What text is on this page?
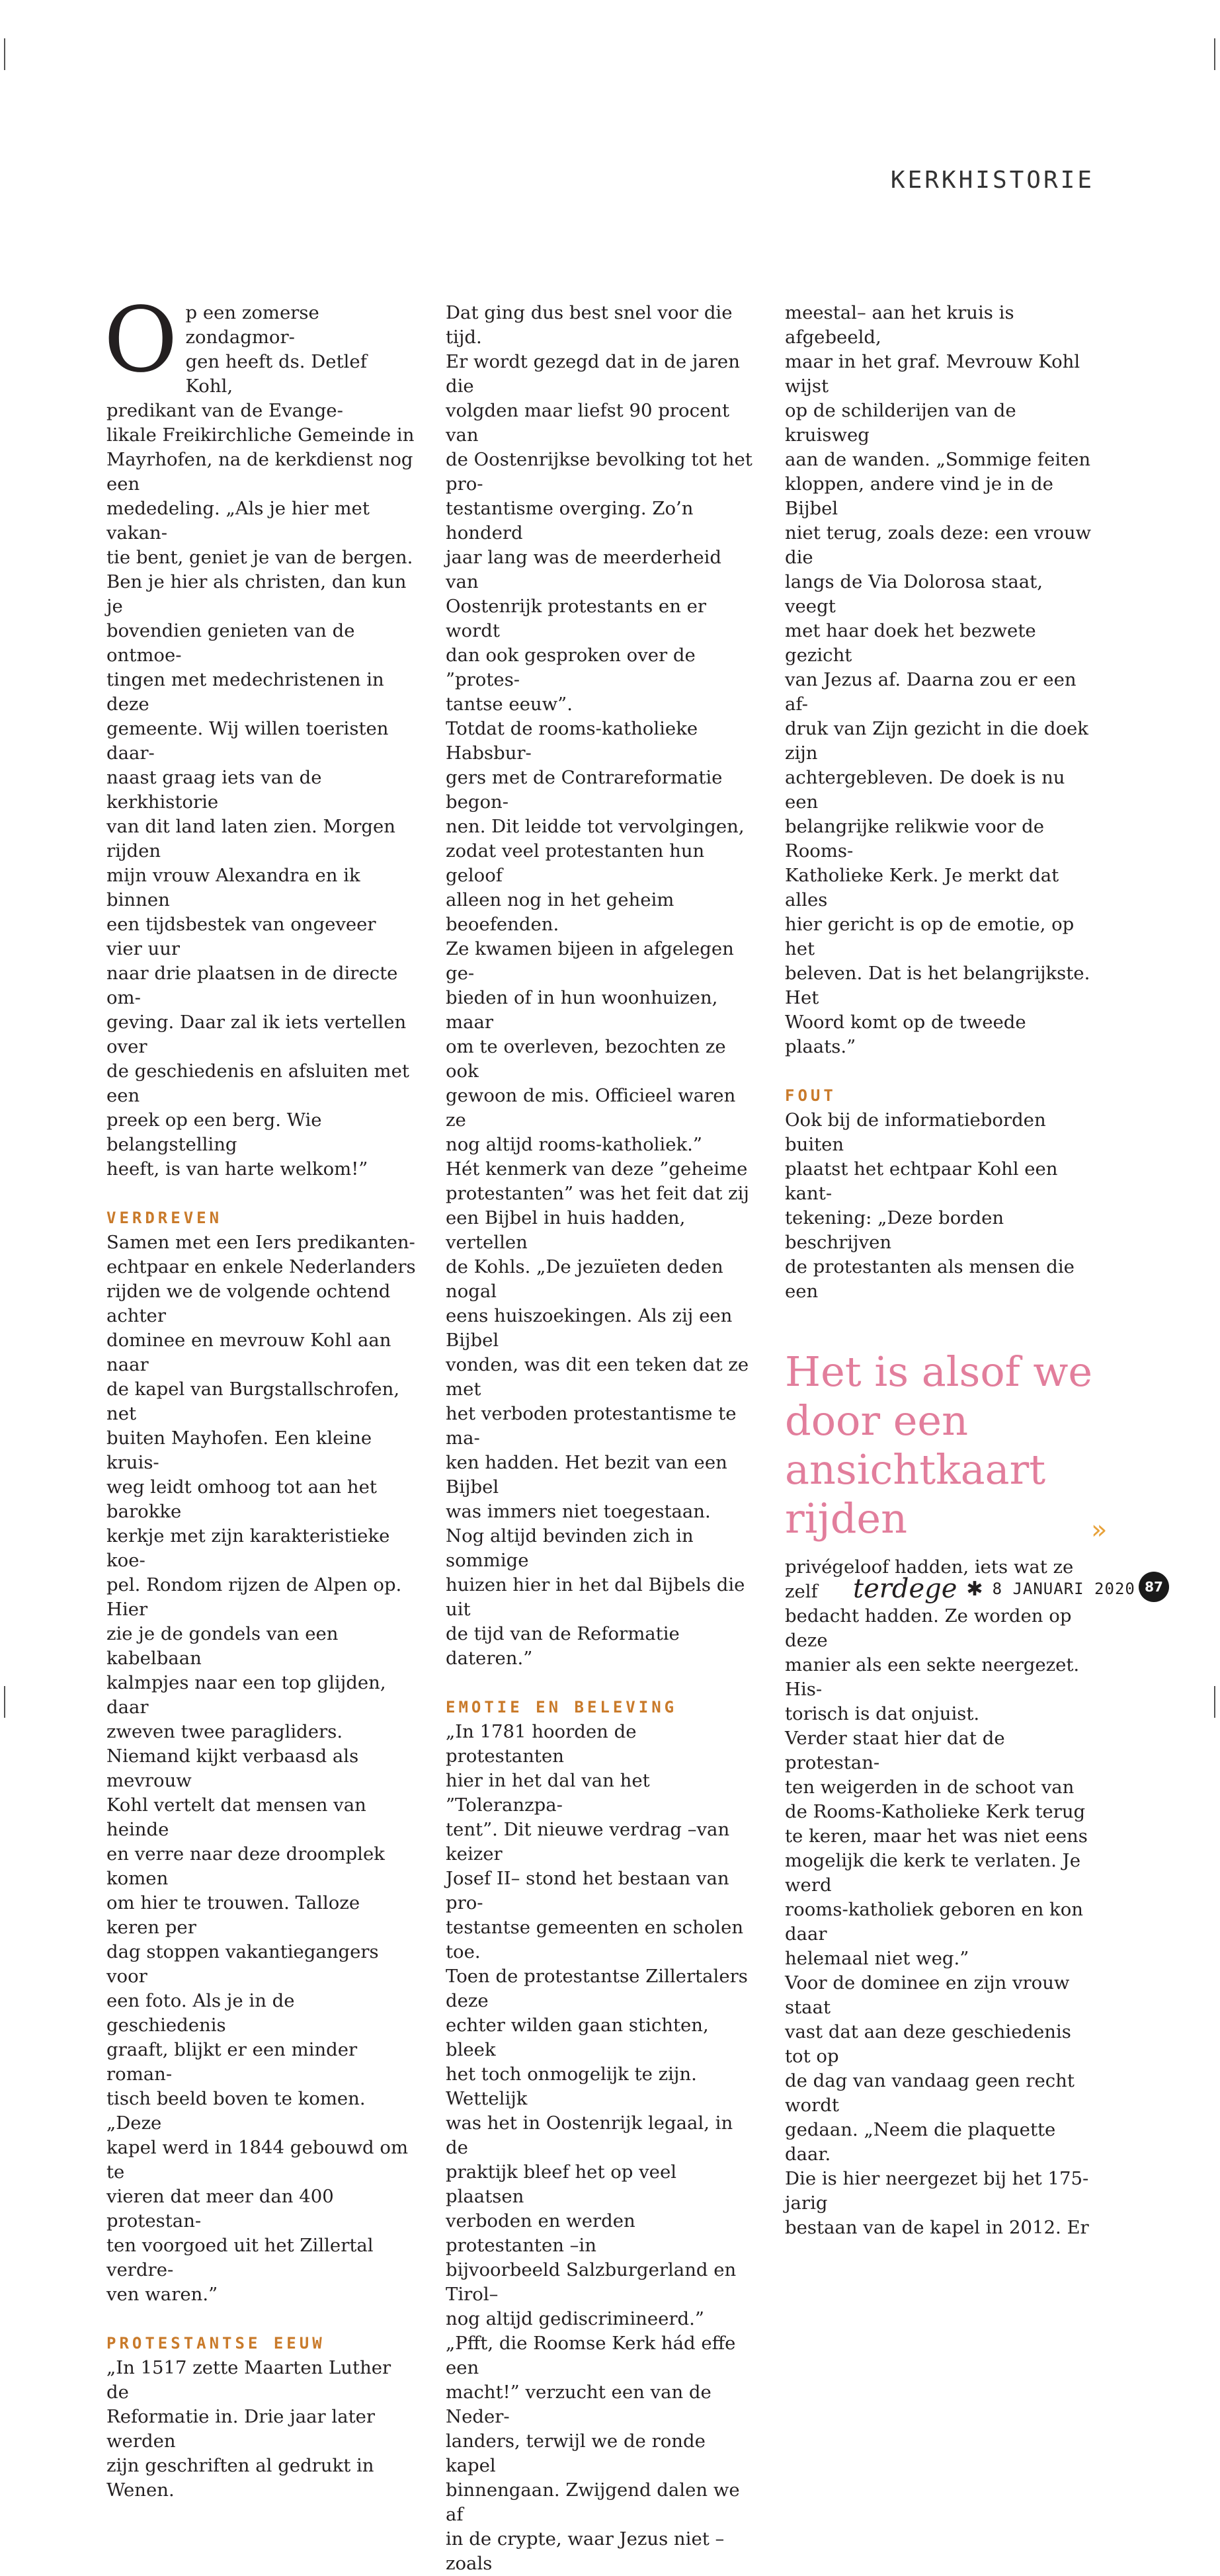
KERKHISTORIE

Op een zomerse zondagmor-
gen heeft ds. Detlef Kohl,
predikant van de Evange-
likale Freikirchliche Gemeinde in
Mayrhofen, na de kerkdienst nog een
mededeling. „Als je hier met vakan-
tie bent, geniet je van de bergen.
Ben je hier als christen, dan kun je
bovendien genieten van de ontmoe-
tingen met medechristenen in deze
gemeente. Wij willen toeristen daar-
naast graag iets van de kerkhistorie
van dit land laten zien. Morgen rijden
mijn vrouw Alexandra en ik binnen
een tijdsbestek van ongeveer vier uur
naar drie plaatsen in de directe om-
geving. Daar zal ik iets vertellen over
de geschiedenis en afsluiten met een
preek op een berg. Wie belangstelling
heeft, is van harte welkom!”

VERDREVEN

Samen met een Iers predikanten-
echtpaar en enkele Nederlanders
rijden we de volgende ochtend achter
dominee en mevrouw Kohl aan naar
de kapel van Burgstallschrofen, net
buiten Mayhofen. Een kleine kruis-
weg leidt omhoog tot aan het barokke
kerkje met zijn karakteristieke koe-
pel. Rondom rijzen de Alpen op. Hier
zie je de gondels van een kabelbaan
kalmpjes naar een top glijden, daar
zweven twee paragliders.
Niemand kijkt verbaasd als mevrouw
Kohl vertelt dat mensen van heinde
en verre naar deze droomplek komen
om hier te trouwen. Talloze keren per
dag stoppen vakantiegangers voor
een foto. Als je in de geschiedenis
graaft, blijkt er een minder roman-
tisch beeld boven te komen. „Deze
kapel werd in 1844 gebouwd om te
vieren dat meer dan 400 protestan-
ten voorgoed uit het Zillertal verdre-
ven waren.”

PROTESTANTSE EEUW

„In 1517 zette Maarten Luther de
Reformatie in. Drie jaar later werden
zijn geschriften al gedrukt in Wenen.

Dat ging dus best snel voor die tijd.
Er wordt gezegd dat in de jaren die
volgden maar liefst 90 procent van
de Oostenrijkse bevolking tot het pro-
testantisme overging. Zo’n honderd
jaar lang was de meerderheid van
Oostenrijk protestants en er wordt
dan ook gesproken over de ”protes-
tantse eeuw”.
Totdat de rooms-katholieke Habsbur-
gers met de Contrareformatie begon-
nen. Dit leidde tot vervolgingen,
zodat veel protestanten hun geloof
alleen nog in het geheim beoefenden.
Ze kwamen bijeen in afgelegen ge-
bieden of in hun woonhuizen, maar
om te overleven, bezochten ze ook
gewoon de mis. Officieel waren ze
nog altijd rooms-katholiek.”
Hét kenmerk van deze ”geheime
protestanten” was het feit dat zij
een Bijbel in huis hadden, vertellen
de Kohls. „De jezuïeten deden nogal
eens huiszoekingen. Als zij een Bijbel
vonden, was dit een teken dat ze met
het verboden protestantisme te ma-
ken hadden. Het bezit van een Bijbel
was immers niet toegestaan.
Nog altijd bevinden zich in sommige
huizen hier in het dal Bijbels die uit
de tijd van de Reformatie dateren.”

EMOTIE EN BELEVING

„In 1781 hoorden de protestanten
hier in het dal van het ”Toleranzpa-
tent”. Dit nieuwe verdrag –van keizer
Josef II– stond het bestaan van pro-
testantse gemeenten en scholen toe.
Toen de protestantse Zillertalers deze
echter wilden gaan stichten, bleek
het toch onmogelijk te zijn. Wettelijk
was het in Oostenrijk legaal, in de
praktijk bleef het op veel plaatsen
verboden en werden protestanten –in
bijvoorbeeld Salzburgerland en Tirol–
nog altijd gediscrimineerd.”
„Pfft, die Roomse Kerk hád effe een
macht!” verzucht een van de Neder-
landers, terwijl we de ronde kapel
binnengaan. Zwijgend dalen we af
in de crypte, waar Jezus niet –zoals

meestal– aan het kruis is afgebeeld,
maar in het graf. Mevrouw Kohl wijst
op de schilderijen van de kruisweg
aan de wanden. „Sommige feiten
kloppen, andere vind je in de Bijbel
niet terug, zoals deze: een vrouw die
langs de Via Dolorosa staat, veegt
met haar doek het bezwete gezicht
van Jezus af. Daarna zou er een af-
druk van Zijn gezicht in die doek zijn
achtergebleven. De doek is nu een
belangrijke relikwie voor de Rooms-
Katholieke Kerk. Je merkt dat alles
hier gericht is op de emotie, op het
beleven. Dat is het belangrijkste. Het
Woord komt op de tweede plaats.”

FOUT

Ook bij de informatieborden buiten
plaatst het echtpaar Kohl een kant-
tekening: „Deze borden beschrijven
de protestanten als mensen die een

Het is alsof we
door een
ansichtkaart
rijden

privégeloof hadden, iets wat ze zelf
bedacht hadden. Ze worden op deze
manier als een sekte neergezet. His-
torisch is dat onjuist.
Verder staat hier dat de protestan-
ten weigerden in de schoot van
de Rooms-Katholieke Kerk terug
te keren, maar het was niet eens
mogelijk die kerk te verlaten. Je werd
rooms-katholiek geboren en kon daar
helemaal niet weg.”
Voor de dominee en zijn vrouw staat
vast dat aan deze geschiedenis tot op
de dag van vandaag geen recht wordt
gedaan. „Neem die plaquette daar.
Die is hier neergezet bij het 175-jarig
bestaan van de kapel in 2012. Er

»
terdege ✱ 8 JANUARI 2020 87
